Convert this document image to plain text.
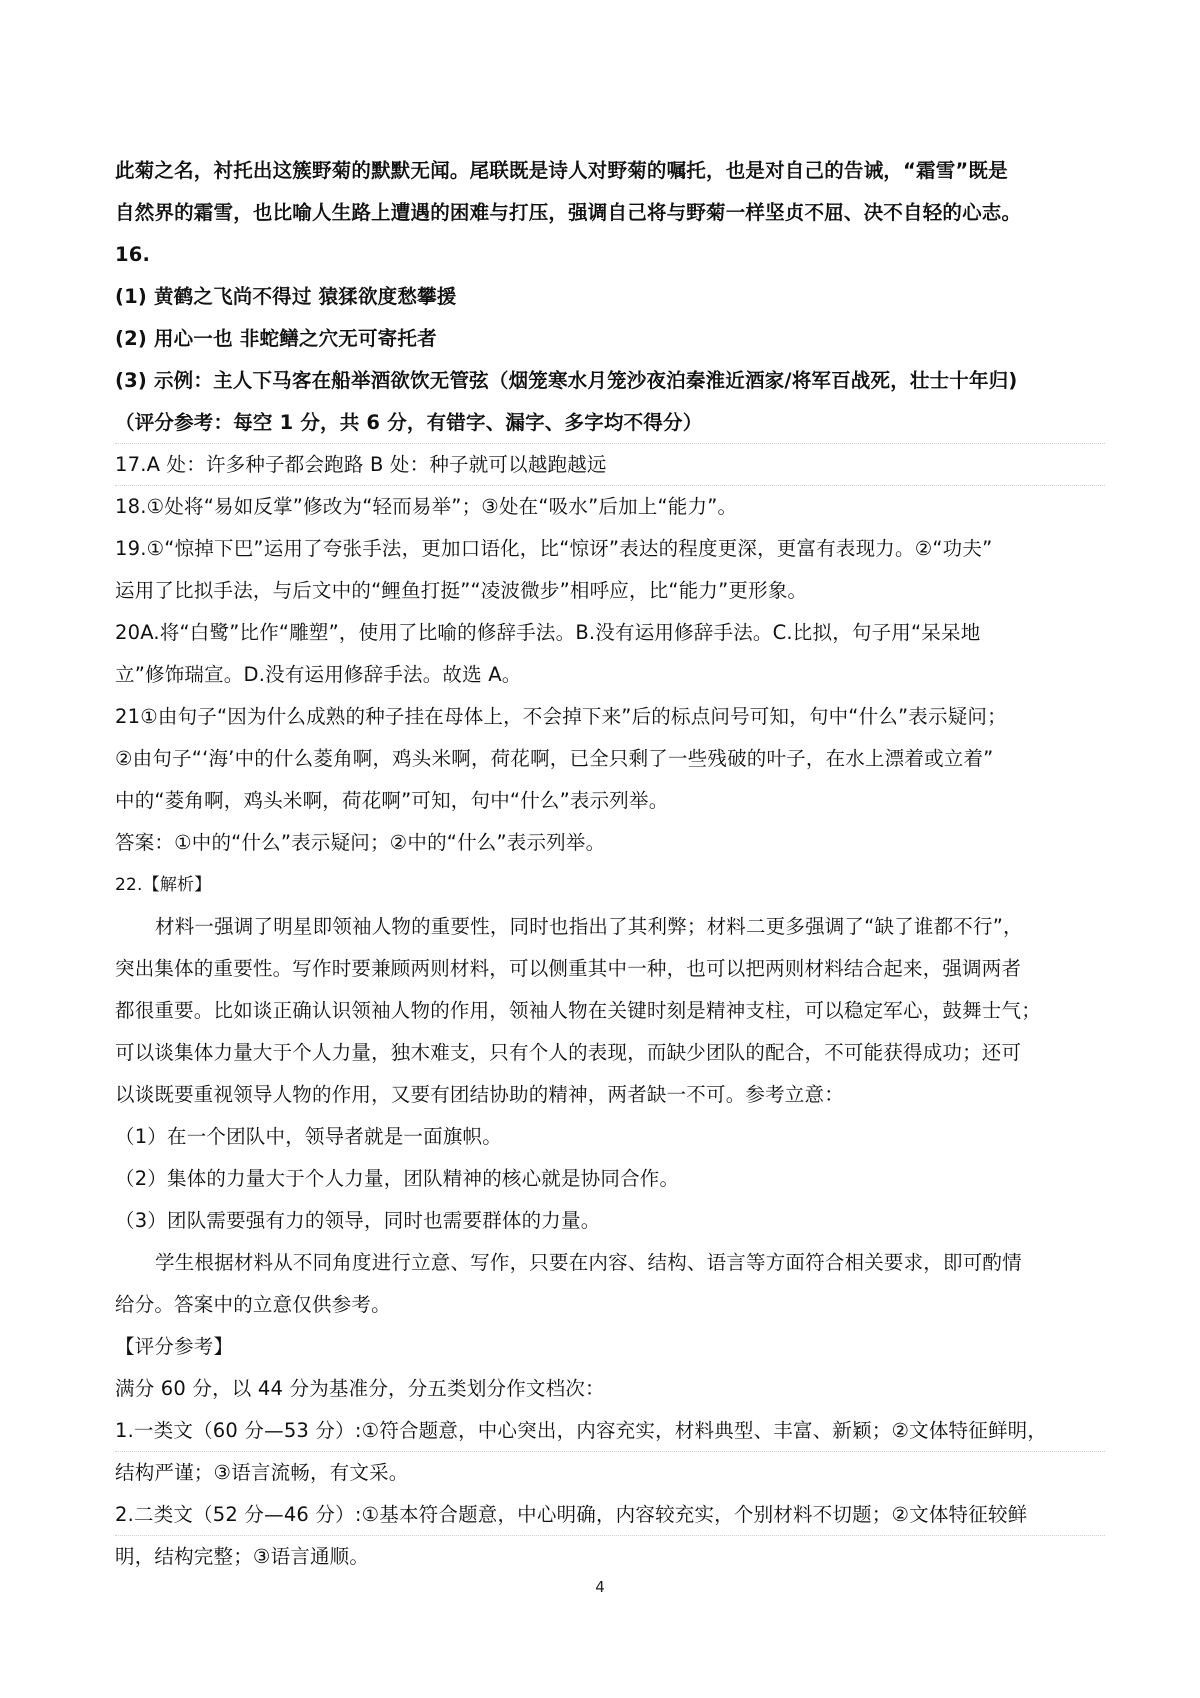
此菊之名，衬托出这簇野菊的默默无闻。尾联既是诗人对野菊的嘱托，也是对自己的告诫，“霜雪”既是
自然界的霜雪，也比喻人生路上遭遇的困难与打压，强调自己将与野菊一样坚贞不屈、决不自轻的心志。
16.
(1) 黄鹤之飞尚不得过 猿猱欲度愁攀援
(2) 用心一也 非蛇鳝之穴无可寄托者
(3) 示例：主人下马客在船举酒欲饮无管弦（烟笼寒水月笼沙夜泊秦淮近酒家/将军百战死，壮士十年归)
（评分参考：每空 1 分，共 6 分，有错字、漏字、多字均不得分）
17.A 处：许多种子都会跑路 B 处：种子就可以越跑越远
18.①处将“易如反掌”修改为“轻而易举”；③处在“吸水”后加上“能力”。
19.①“惊掉下巴”运用了夸张手法，更加口语化，比“惊讶”表达的程度更深，更富有表现力。②“功夫”
运用了比拟手法，与后文中的“鲤鱼打挺”“凌波微步”相呼应，比“能力”更形象。
20A.将“白鹭”比作“雕塑”，使用了比喻的修辞手法。B.没有运用修辞手法。C.比拟，句子用“呆呆地
立”修饰瑞宣。D.没有运用修辞手法。故选 A。
21①由句子“因为什么成熟的种子挂在母体上，不会掉下来”后的标点问号可知，句中“什么”表示疑问；
②由句子“‘海’中的什么菱角啊，鸡头米啊，荷花啊，已全只剩了一些残破的叶子，在水上漂着或立着”
中的“菱角啊，鸡头米啊，荷花啊”可知，句中“什么”表示列举。
答案：①中的“什么”表示疑问；②中的“什么”表示列举。
22.【解析】
材料一强调了明星即领袖人物的重要性，同时也指出了其利弊；材料二更多强调了“缺了谁都不行”，
突出集体的重要性。写作时要兼顾两则材料，可以侧重其中一种，也可以把两则材料结合起来，强调两者
都很重要。比如谈正确认识领袖人物的作用，领袖人物在关键时刻是精神支柱，可以稳定军心，鼓舞士气；
可以谈集体力量大于个人力量，独木难支，只有个人的表现，而缺少团队的配合，不可能获得成功；还可
以谈既要重视领导人物的作用，又要有团结协助的精神，两者缺一不可。参考立意：
（1）在一个团队中，领导者就是一面旗帜。
（2）集体的力量大于个人力量，团队精神的核心就是协同合作。
（3）团队需要强有力的领导，同时也需要群体的力量。
学生根据材料从不同角度进行立意、写作，只要在内容、结构、语言等方面符合相关要求，即可酌情
给分。答案中的立意仅供参考。
【评分参考】
满分 60 分，以 44 分为基准分，分五类划分作文档次：
1.一类文（60 分—53 分）:①符合题意，中心突出，内容充实，材料典型、丰富、新颖；②文体特征鲜明，
结构严谨；③语言流畅，有文采。
2.二类文（52 分—46 分）:①基本符合题意，中心明确，内容较充实，个别材料不切题；②文体特征较鲜
明，结构完整；③语言通顺。
4
